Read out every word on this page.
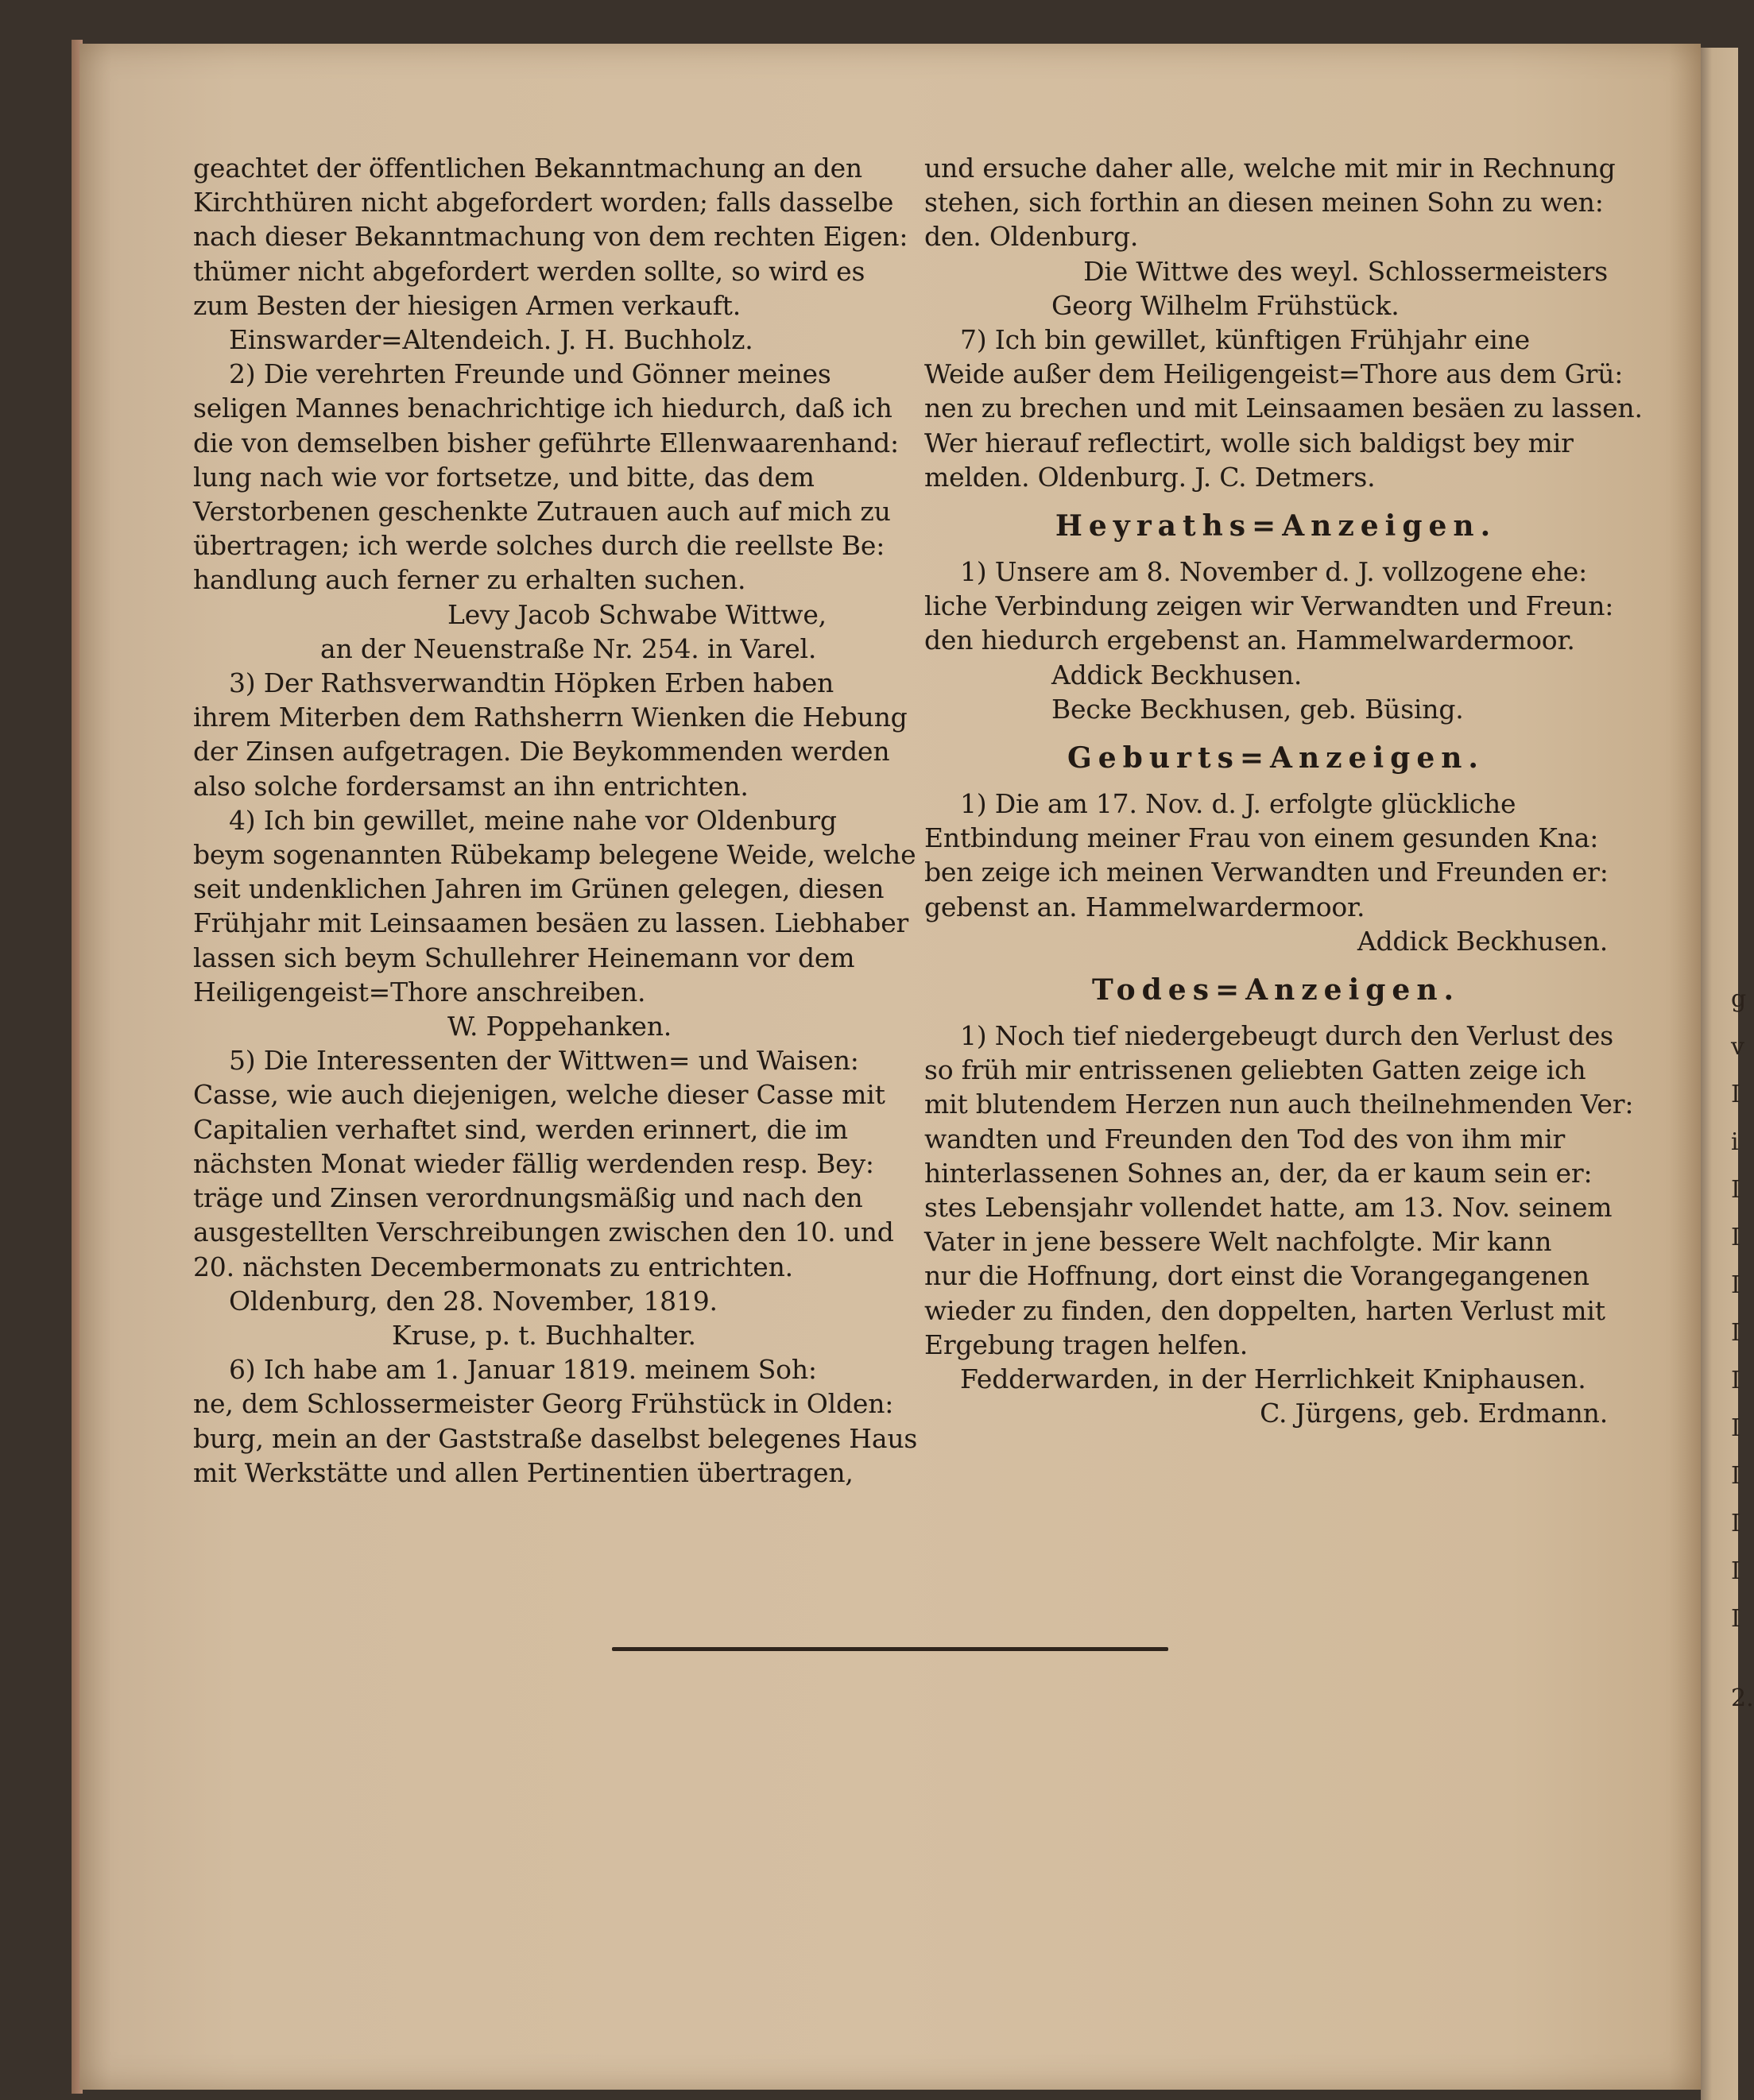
g
v
I
i
I
I
I
I
I
I
I
I
I
I
2.
geachtet der öffentlichen Bekanntmachung an den
Kirchthüren nicht abgefordert worden; falls dasselbe
nach dieser Bekanntmachung von dem rechten Eigen:
thümer nicht abgefordert werden sollte, so wird es
zum Besten der hiesigen Armen verkauft.
Einswarder=Altendeich. J. H. Buchholz.
2) Die verehrten Freunde und Gönner meines
seligen Mannes benachrichtige ich hiedurch, daß ich
die von demselben bisher geführte Ellenwaarenhand:
lung nach wie vor fortsetze, und bitte, das dem
Verstorbenen geschenkte Zutrauen auch auf mich zu
übertragen; ich werde solches durch die reellste Be:
handlung auch ferner zu erhalten suchen.
Levy Jacob Schwabe Wittwe,
an der Neuenstraße Nr. 254. in Varel.
3) Der Rathsverwandtin Höpken Erben haben
ihrem Miterben dem Rathsherrn Wienken die Hebung
der Zinsen aufgetragen. Die Beykommenden werden
also solche fordersamst an ihn entrichten.
4) Ich bin gewillet, meine nahe vor Oldenburg
beym sogenannten Rübekamp belegene Weide, welche
seit undenklichen Jahren im Grünen gelegen, diesen
Frühjahr mit Leinsaamen besäen zu lassen. Liebhaber
lassen sich beym Schullehrer Heinemann vor dem
Heiligengeist=Thore anschreiben.
W. Poppehanken.
5) Die Interessenten der Wittwen= und Waisen:
Casse, wie auch diejenigen, welche dieser Casse mit
Capitalien verhaftet sind, werden erinnert, die im
nächsten Monat wieder fällig werdenden resp. Bey:
träge und Zinsen verordnungsmäßig und nach den
ausgestellten Verschreibungen zwischen den 10. und
20. nächsten Decembermonats zu entrichten.
Oldenburg, den 28. November, 1819.
Kruse, p. t. Buchhalter.
6) Ich habe am 1. Januar 1819. meinem Soh:
ne, dem Schlossermeister Georg Frühstück in Olden:
burg, mein an der Gaststraße daselbst belegenes Haus
mit Werkstätte und allen Pertinentien übertragen,
und ersuche daher alle, welche mit mir in Rechnung
stehen, sich forthin an diesen meinen Sohn zu wen:
den. Oldenburg.
Die Wittwe des weyl. Schlossermeisters
Georg Wilhelm Frühstück.
7) Ich bin gewillet, künftigen Frühjahr eine
Weide außer dem Heiligengeist=Thore aus dem Grü:
nen zu brechen und mit Leinsaamen besäen zu lassen.
Wer hierauf reflectirt, wolle sich baldigst bey mir
melden. Oldenburg. J. C. Detmers.
Heyraths=Anzeigen.
1) Unsere am 8. November d. J. vollzogene ehe:
liche Verbindung zeigen wir Verwandten und Freun:
den hiedurch ergebenst an. Hammelwardermoor.
Addick Beckhusen.
Becke Beckhusen, geb. Büsing.
Geburts=Anzeigen.
1) Die am 17. Nov. d. J. erfolgte glückliche
Entbindung meiner Frau von einem gesunden Kna:
ben zeige ich meinen Verwandten und Freunden er:
gebenst an. Hammelwardermoor.
Addick Beckhusen.
Todes=Anzeigen.
1) Noch tief niedergebeugt durch den Verlust des
so früh mir entrissenen geliebten Gatten zeige ich
mit blutendem Herzen nun auch theilnehmenden Ver:
wandten und Freunden den Tod des von ihm mir
hinterlassenen Sohnes an, der, da er kaum sein er:
stes Lebensjahr vollendet hatte, am 13. Nov. seinem
Vater in jene bessere Welt nachfolgte. Mir kann
nur die Hoffnung, dort einst die Vorangegangenen
wieder zu finden, den doppelten, harten Verlust mit
Ergebung tragen helfen.
Fedderwarden, in der Herrlichkeit Kniphausen.
C. Jürgens, geb. Erdmann.
